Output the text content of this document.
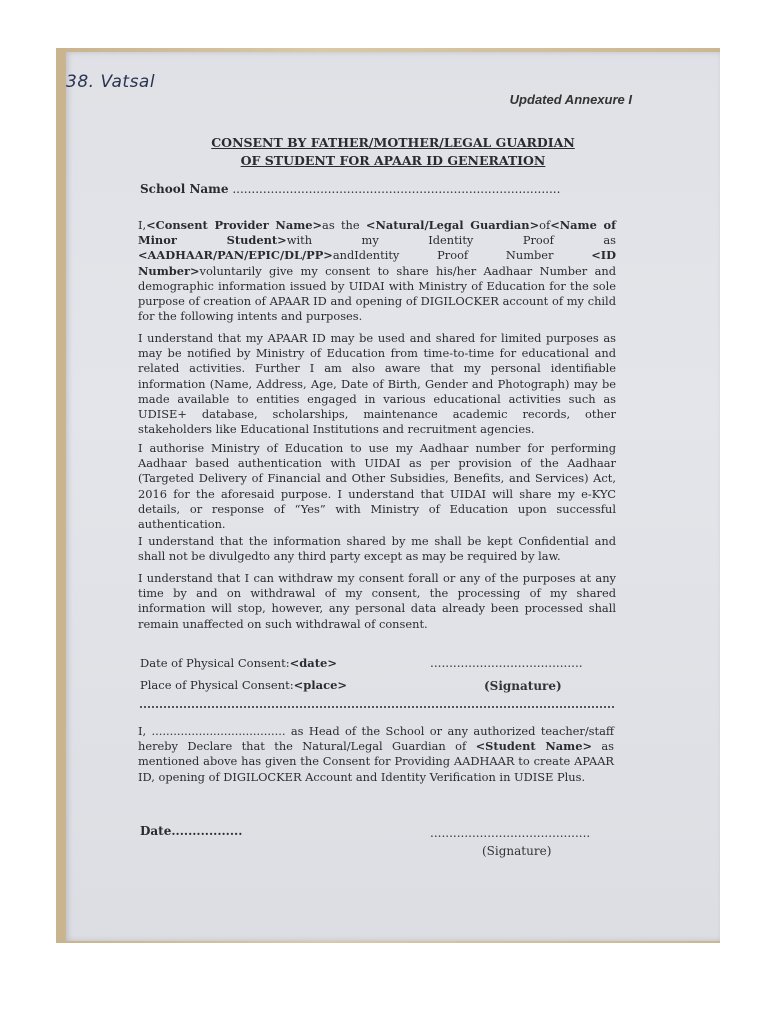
38. Vatsal
Updated Annexure I
CONSENT BY FATHER/MOTHER/LEGAL GUARDIAN
OF STUDENT FOR APAAR ID GENERATION
School Name ......................................................................................
I,<Consent Provider Name>as the <Natural/Legal Guardian>of<Name of Minor Student>with my Identity Proof as <AADHAAR/PAN/EPIC/DL/PP>andIdentity Proof Number <ID Number>voluntarily give my consent to share his/her Aadhaar Number and demographic information issued by UIDAI with Ministry of Education for the sole purpose of creation of APAAR ID and opening of DIGILOCKER account of my child for the following intents and purposes.
I understand that my APAAR ID may be used and shared for limited purposes as may be notified by Ministry of Education from time-to-time for educational and related activities. Further I am also aware that my personal identifiable information (Name, Address, Age, Date of Birth, Gender and Photograph) may be made available to entities engaged in various educational activities such as UDISE+ database, scholarships, maintenance academic records, other stakeholders like Educational Institutions and recruitment agencies.
I authorise Ministry of Education to use my Aadhaar number for performing Aadhaar based authentication with UIDAI as per provision of the Aadhaar (Targeted Delivery of Financial and Other Subsidies, Benefits, and Services) Act, 2016 for the aforesaid purpose. I understand that UIDAI will share my e-KYC details, or response of “Yes” with Ministry of Education upon successful authentication.
I understand that the information shared by me shall be kept Confidential and shall not be divulgedto any third party except as may be required by law.
I understand that I can withdraw my consent forall or any of the purposes at any time by and on withdrawal of my consent, the processing of my shared information will stop, however, any personal data already been processed shall remain unaffected on such withdrawal of consent.
Date of Physical Consent:<date>	........................................
Place of Physical Consent:<place>	(Signature)
I, ..................................... as Head of the School or any authorized teacher/staff hereby Declare that the Natural/Legal Guardian of <Student Name> as mentioned above has given the Consent for Providing AADHAAR to create APAAR ID, opening of DIGILOCKER Account and Identity Verification in UDISE Plus.
Date.................	..........................................
(Signature)
